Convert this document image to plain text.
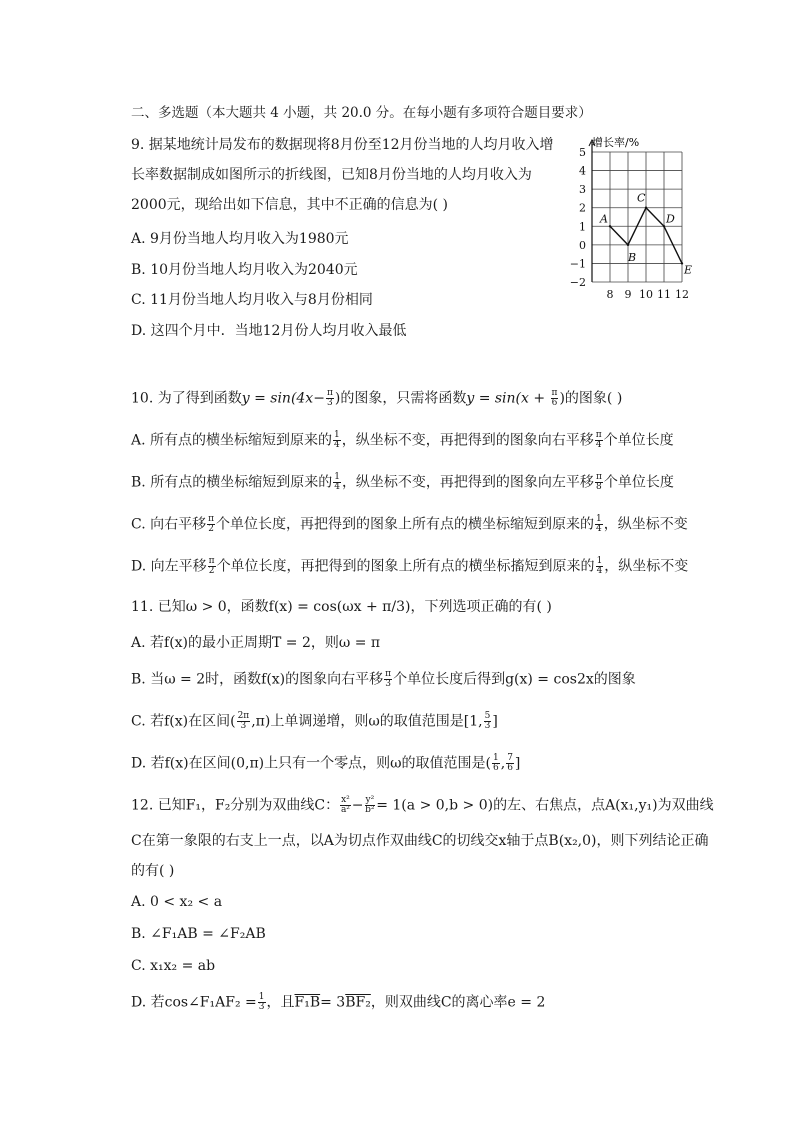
二、多选题（本大题共 4 小题，共 20.0 分。在每小题有多项符合题目要求）
9. 据某地统计局发布的数据现将8月份至12月份当地的人均月收入增
长率数据制成如图所示的折线图，已知8月份当地的人均月收入为
2000元，现给出如下信息，其中不正确的信息为( )
A. 9月份当地人均月收入为1980元
B. 10月份当地人均月收入为2040元
C. 11月份当地人均月收入与8月份相同
D. 这四个月中．当地12月份人均月收入最低
增长率/%
5
4
3
2
1
0
−1
−2
8 9 10 11 12
A
B
C
D
E
10. 为了得到函数$y = \sin(4x- \frac{\pi}{3}$ )的图象，只需将函数$y = \sin(x + \frac{\pi}{6}$ )的图象( )
A. 所有点的横坐标缩短到原来的 $\frac{1}{4}$ ，纵坐标不变，再把得到的图象向右平移 $\frac{\pi}{4}$ 个单位长度
B. 所有点的横坐标缩短到原来的 $\frac{1}{4}$ ，纵坐标不变，再把得到的图象向左平移 $\frac{\pi}{8}$ 个单位长度
C. 向右平移 $\frac{\pi}{2}$ 个单位长度，再把得到的图象上所有点的横坐标缩短到原来的 $\frac{1}{4}$ ，纵坐标不变
D. 向左平移 $\frac{\pi}{2}$ 个单位长度，再把得到的图象上所有点的横坐标搐短到原来的 $\frac{1}{4}$ ，纵坐标不变
11. 已知ω > 0，函数f(x) = cos(ωx + π/3)，下列选项正确的有( )
A. 若f(x)的最小正周期T = 2，则ω = π
B. 当ω = 2时，函数f(x)的图象向右平移 $\frac{\pi}{3}$ 个单位长度后得到g(x) = cos2x的图象
C. 若f(x)在区间( $\frac{2\pi}{3} ,\pi$)上单调递增，则ω的取值范围是[1, $\frac{5}{3}$ ]
D. 若f(x)在区间(0,π)上只有一个零点，则ω的取值范围是( $\frac{1}{6}$ , $\frac{7}{6}$ ]
12. 已知F₁，F₂分别为双曲线C： $\frac{\text{x²}}{\text{a²}} - \frac{\text{y²}}{\text{b²}} = 1(a > 0,b > 0)$的左、右焦点，点A(x₁,y₁)为双曲线
C在第一象限的右支上一点，以A为切点作双曲线C的切线交x轴于点B(x₂,0)，则下列结论正确
的有( )
A. 0 < x₂ < a
B. ∠F₁AB = ∠F₂AB
C. x₁x₂ = ab
D. 若cos∠F₁AF₂ = $\frac{1}{3}$ ，且F₁B= 3BF₂，则双曲线C的离心率e = 2
